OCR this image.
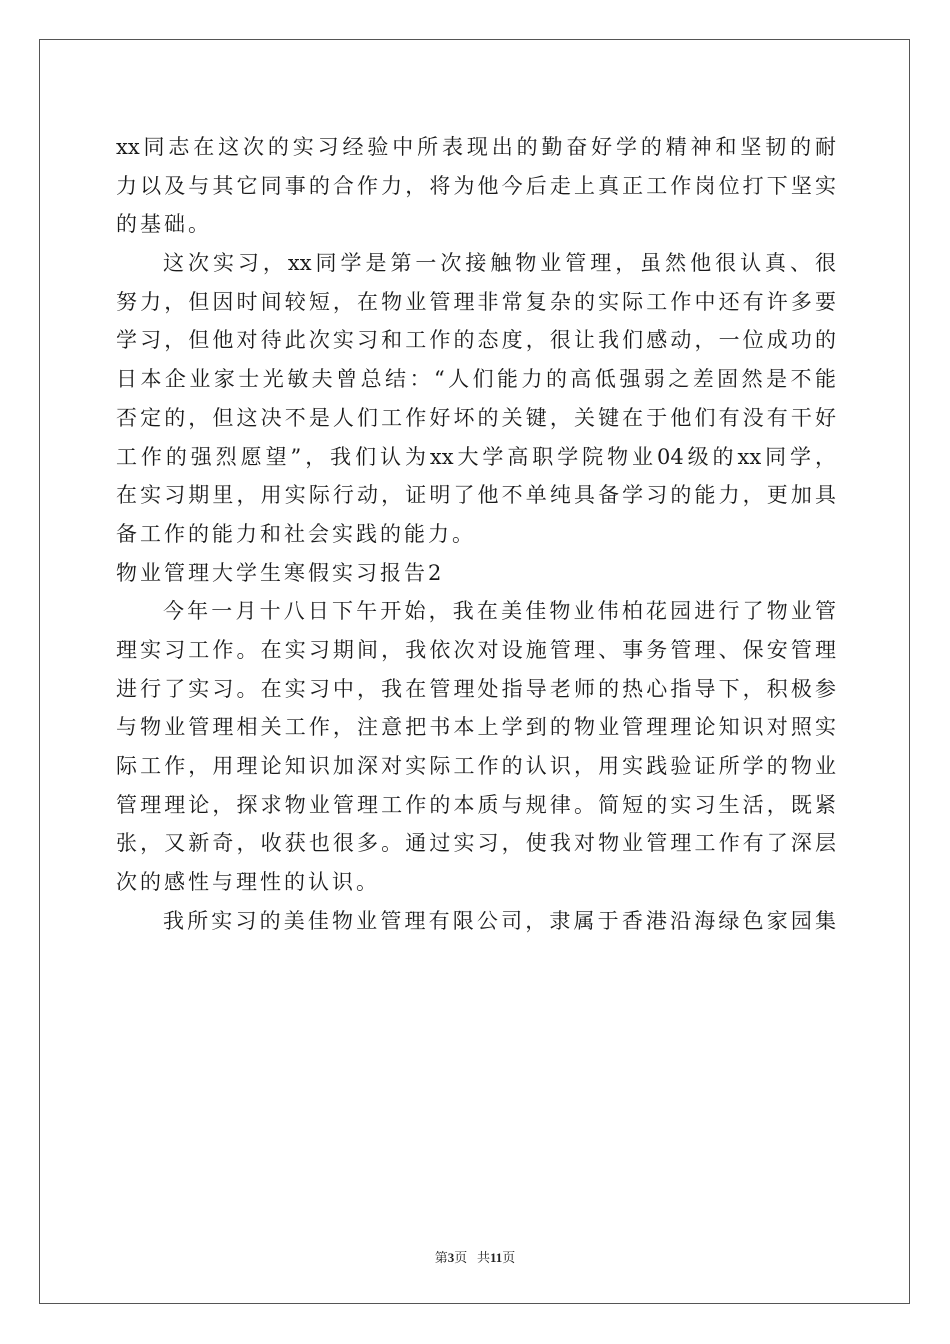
xx同志在这次的实习经验中所表现出的勤奋好学的精神和坚韧的耐
力以及与其它同事的合作力，将为他今后走上真正工作岗位打下坚实
的基础。
这次实习，xx同学是第一次接触物业管理，虽然他很认真、很
努力，但因时间较短，在物业管理非常复杂的实际工作中还有许多要
学习，但他对待此次实习和工作的态度，很让我们感动，一位成功的
日本企业家士光敏夫曾总结：“人们能力的高低强弱之差固然是不能
否定的，但这决不是人们工作好坏的关键，关键在于他们有没有干好
工作的强烈愿望”，我们认为xx大学高职学院物业04级的xx同学，
在实习期里，用实际行动，证明了他不单纯具备学习的能力，更加具
备工作的能力和社会实践的能力。
物业管理大学生寒假实习报告2
今年一月十八日下午开始，我在美佳物业伟柏花园进行了物业管
理实习工作。在实习期间，我依次对设施管理、事务管理、保安管理
进行了实习。在实习中，我在管理处指导老师的热心指导下，积极参
与物业管理相关工作，注意把书本上学到的物业管理理论知识对照实
际工作，用理论知识加深对实际工作的认识，用实践验证所学的物业
管理理论，探求物业管理工作的本质与规律。简短的实习生活，既紧
张，又新奇，收获也很多。通过实习，使我对物业管理工作有了深层
次的感性与理性的认识。
我所实习的美佳物业管理有限公司，隶属于香港沿海绿色家园集
第3页 共11页
